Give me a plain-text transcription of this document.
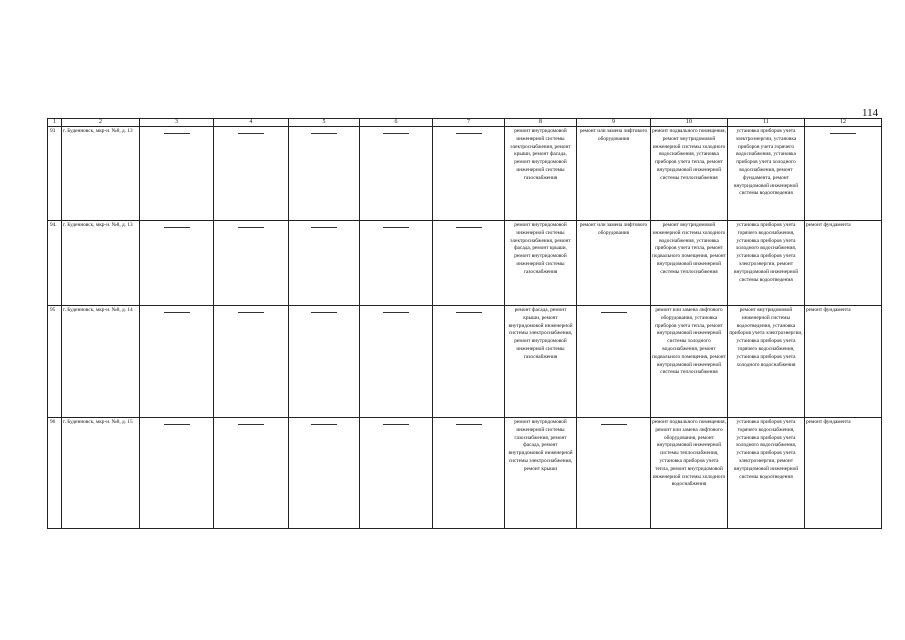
114
1	2	3	4	5	6	7	8	9	10	11	12
93	г. Буденновск, мкр-н. №8, д. 13						ремонт внутридомовой инженерной системы электроснабжения, ремонт крыши, ремонт фасада, ремонт внутридомовой инженерной системы газоснабжения	ремонт или замена лифтового оборудования	ремонт подвального помещения, ремонт внутридомовой инженерной системы холодного водоснабжения, установка приборов учета тепла, ремонт внутридомовой инженерной системы теплоснабжения	установка приборов учета электроэнергии, установка приборов учета горячего водоснабжения, установка приборов учета холодного водоснабжения, ремонт фундамента, ремонт внутридомовой инженерной системы водоотведения	

94.	г. Буденновск, мкр-н. №8, д. 13						ремонт внутридомовой инженерной системы электроснабжения, ремонт фасада, ремонт крыши, ремонт внутридомовой инженерной системы газоснабжения	ремонт или замена лифтового оборудования	ремонт внутридомовой инженерной системы холодного водоснабжения, установка приборов учета тепла, ремонт подвального помещения, ремонт внутридомовой инженерной системы теплоснабжения	установка приборов учета горячего водоснабжения, установка приборов учета холодного водоснабжения, установка приборов учета электроэнергии, ремонт внутридомовой инженерной системы водоотведения	ремонт фундамента
95	г. Буденновск, мкр-н. №8, д. 14						ремонт фасада, ремонт крыши, ремонт внутридомовой инженерной системы электроснабжения, ремонт внутридомовой инженерной системы газоснабжения		ремонт или замена лифтового оборудования, установка приборов учета тепла, ремонт внутридомовой инженерной системы холодного водоснабжения, ремонт подвального помещения, ремонт внутридомовой инженерной системы теплоснабжения	ремонт внутридомовой инженерной системы водоотведения, установка приборов учета электроэнергии, установка приборов учета горячего водоснабжения, установка приборов учета холодного водоснабжения	ремонт фундамента
96	г. Буденновск, мкр-н. №8, д. 15						ремонт внутридомовой инженерной системы газоснабжения, ремонт фасада, ремонт внутридомовой инженерной системы электроснабжения, ремонт крыши		ремонт подвального помещения, ремонт или замена лифтового оборудования, ремонт внутридомовой инженерной системы теплоснабжения, установка приборов учета тепла, ремонт внутридомовой инженерной системы холодного водоснабжения	установка приборов учета горячего водоснабжения, установка приборов учета холодного водоснабжения, установка приборов учета электроэнергии, ремонт внутридомовой инженерной системы водоотведения	ремонт фундамента
